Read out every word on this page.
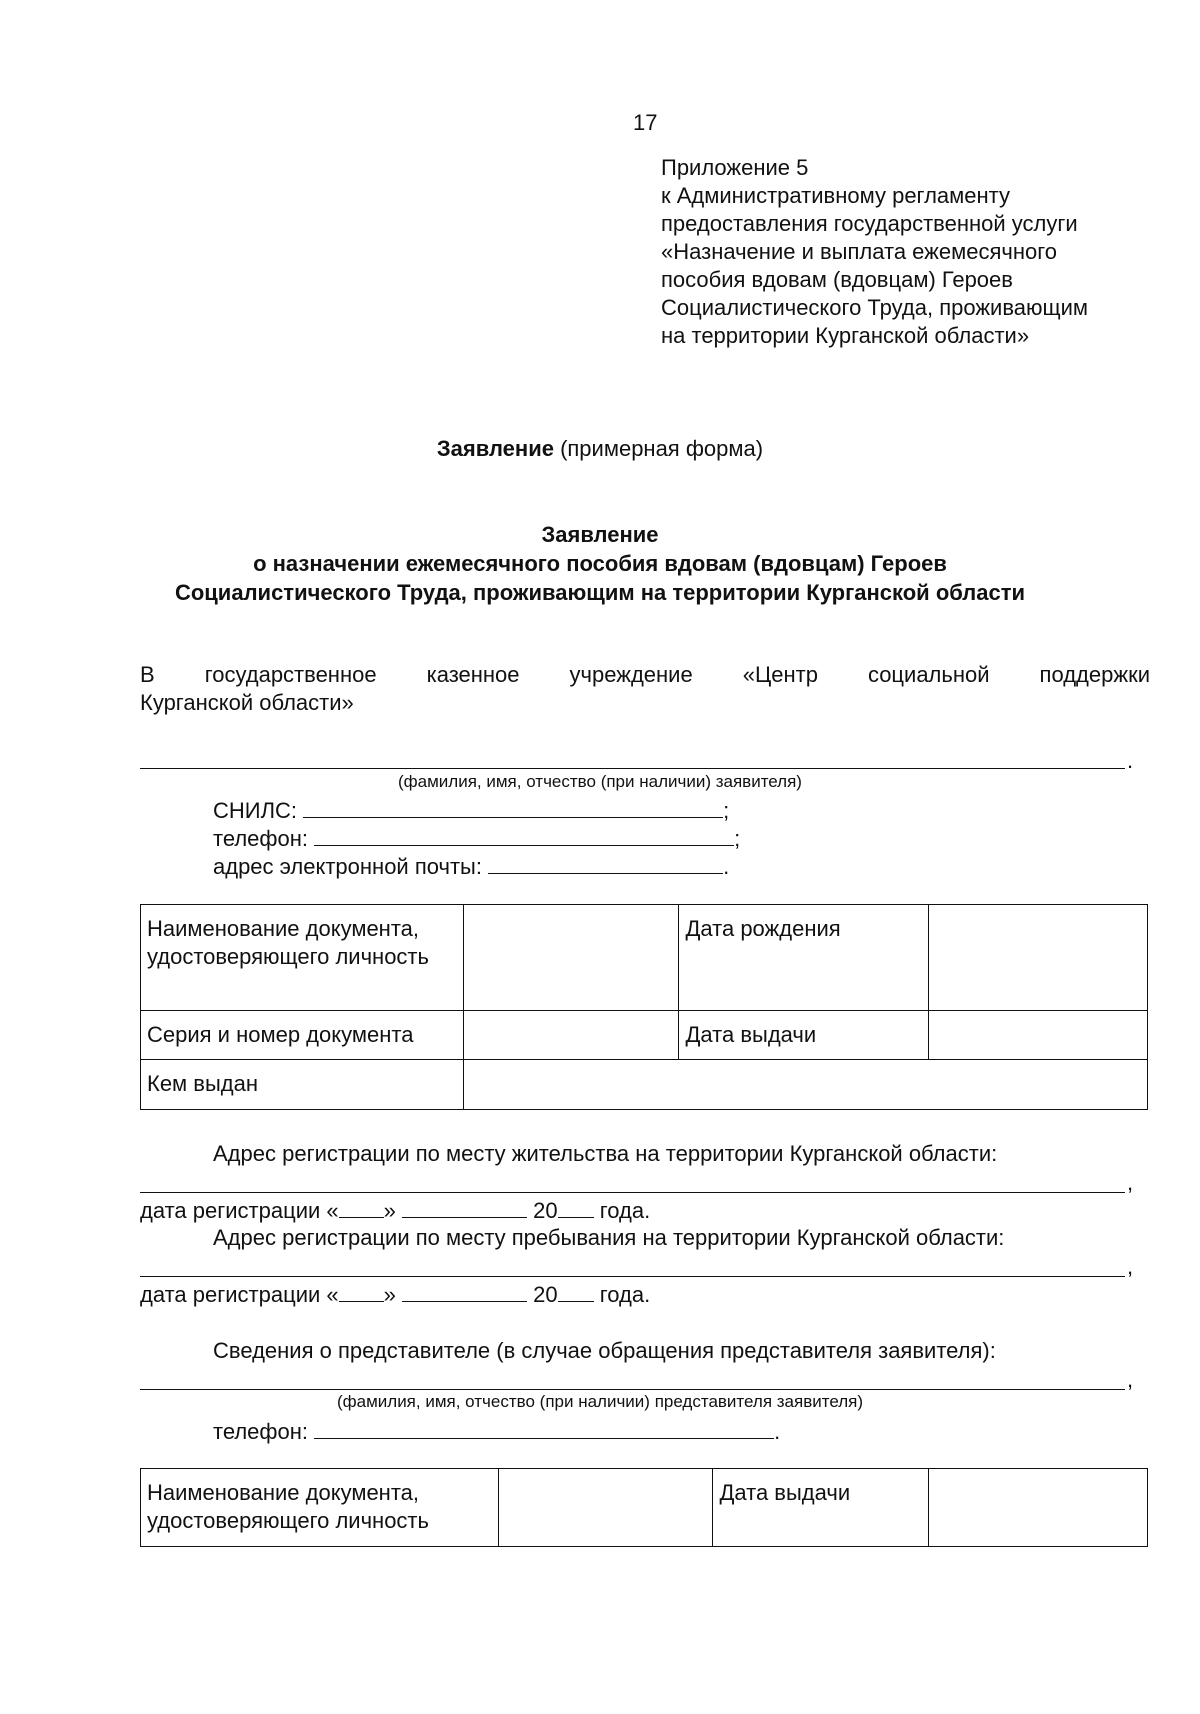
17
Приложение 5
к Административному регламенту
предоставления государственной услуги
«Назначение и выплата ежемесячного
пособия вдовам (вдовцам) Героев
Социалистического Труда, проживающим
на территории Курганской области»
Заявление (примерная форма)
Заявление
о назначении ежемесячного пособия вдовам (вдовцам) Героев
Социалистического Труда, проживающим на территории Курганской области
В государственное казенное учреждение «Центр социальной поддержки
Курганской области»
.
(фамилия, имя, отчество (при наличии) заявителя)
СНИЛС:	;
телефон:	;
адрес электронной почты:	.
Наименование документа, удостоверяющего личность		Дата рождения	
Серия и номер документа		Дата выдачи	
Кем выдан			
Адрес регистрации по месту жительства на территории Курганской области:
,
дата регистрации « »	20 года.
Адрес регистрации по месту пребывания на территории Курганской области:
,
дата регистрации « »	20 года.
Сведения о представителе (в случае обращения представителя заявителя):
,
(фамилия, имя, отчество (при наличии) представителя заявителя)
телефон:	.
Наименование документа, удостоверяющего личность		Дата выдачи	
